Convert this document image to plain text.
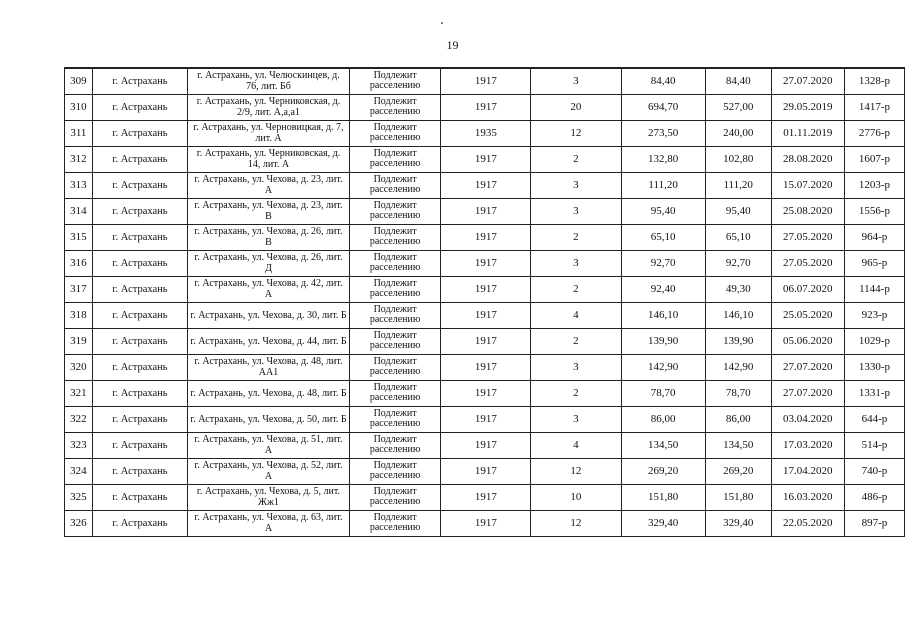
19
309	г. Астрахань	г. Астрахань, ул. Челюскинцев, д. 76, лит. Бб	Подлежит расселению	1917	3	84,40	84,40	27.07.2020	1328-р
310	г. Астрахань	г. Астрахань, ул. Черниковская, д. 2/9, лит. А,а,а1	Подлежит расселению	1917	20	694,70	527,00	29.05.2019	1417-р
311	г. Астрахань	г. Астрахань, ул. Черновицкая, д. 7, лит. А	Подлежит расселению	1935	12	273,50	240,00	01.11.2019	2776-р
312	г. Астрахань	г. Астрахань, ул. Черниковская, д. 14, лит. А	Подлежит расселению	1917	2	132,80	102,80	28.08.2020	1607-р
313	г. Астрахань	г. Астрахань, ул. Чехова, д. 23, лит. А	Подлежит расселению	1917	3	111,20	111,20	15.07.2020	1203-р
314	г. Астрахань	г. Астрахань, ул. Чехова, д. 23, лит. В	Подлежит расселению	1917	3	95,40	95,40	25.08.2020	1556-р
315	г. Астрахань	г. Астрахань, ул. Чехова, д. 26, лит. В	Подлежит расселению	1917	2	65,10	65,10	27.05.2020	964-р
316	г. Астрахань	г. Астрахань, ул. Чехова, д. 26, лит. Д	Подлежит расселению	1917	3	92,70	92,70	27.05.2020	965-р
317	г. Астрахань	г. Астрахань, ул. Чехова, д. 42, лит. А	Подлежит расселению	1917	2	92,40	49,30	06.07.2020	1144-р
318	г. Астрахань	г. Астрахань, ул. Чехова, д. 30, лит. Б	Подлежит расселению	1917	4	146,10	146,10	25.05.2020	923-р
319	г. Астрахань	г. Астрахань, ул. Чехова, д. 44, лит. Б	Подлежит расселению	1917	2	139,90	139,90	05.06.2020	1029-р
320	г. Астрахань	г. Астрахань, ул. Чехова, д. 48, лит. АА1	Подлежит расселению	1917	3	142,90	142,90	27.07.2020	1330-р
321	г. Астрахань	г. Астрахань, ул. Чехова, д. 48, лит. Б	Подлежит расселению	1917	2	78,70	78,70	27.07.2020	1331-р
322	г. Астрахань	г. Астрахань, ул. Чехова, д. 50, лит. Б	Подлежит расселению	1917	3	86,00	86,00	03.04.2020	644-р
323	г. Астрахань	г. Астрахань, ул. Чехова, д. 51, лит. А	Подлежит расселению	1917	4	134,50	134,50	17.03.2020	514-р
324	г. Астрахань	г. Астрахань, ул. Чехова, д. 52, лит. А	Подлежит расселению	1917	12	269,20	269,20	17.04.2020	740-р
325	г. Астрахань	г. Астрахань, ул. Чехова, д. 5, лит. Жж1	Подлежит расселению	1917	10	151,80	151,80	16.03.2020	486-р
326	г. Астрахань	г. Астрахань, ул. Чехова, д. 63, лит. А	Подлежит расселению	1917	12	329,40	329,40	22.05.2020	897-р
